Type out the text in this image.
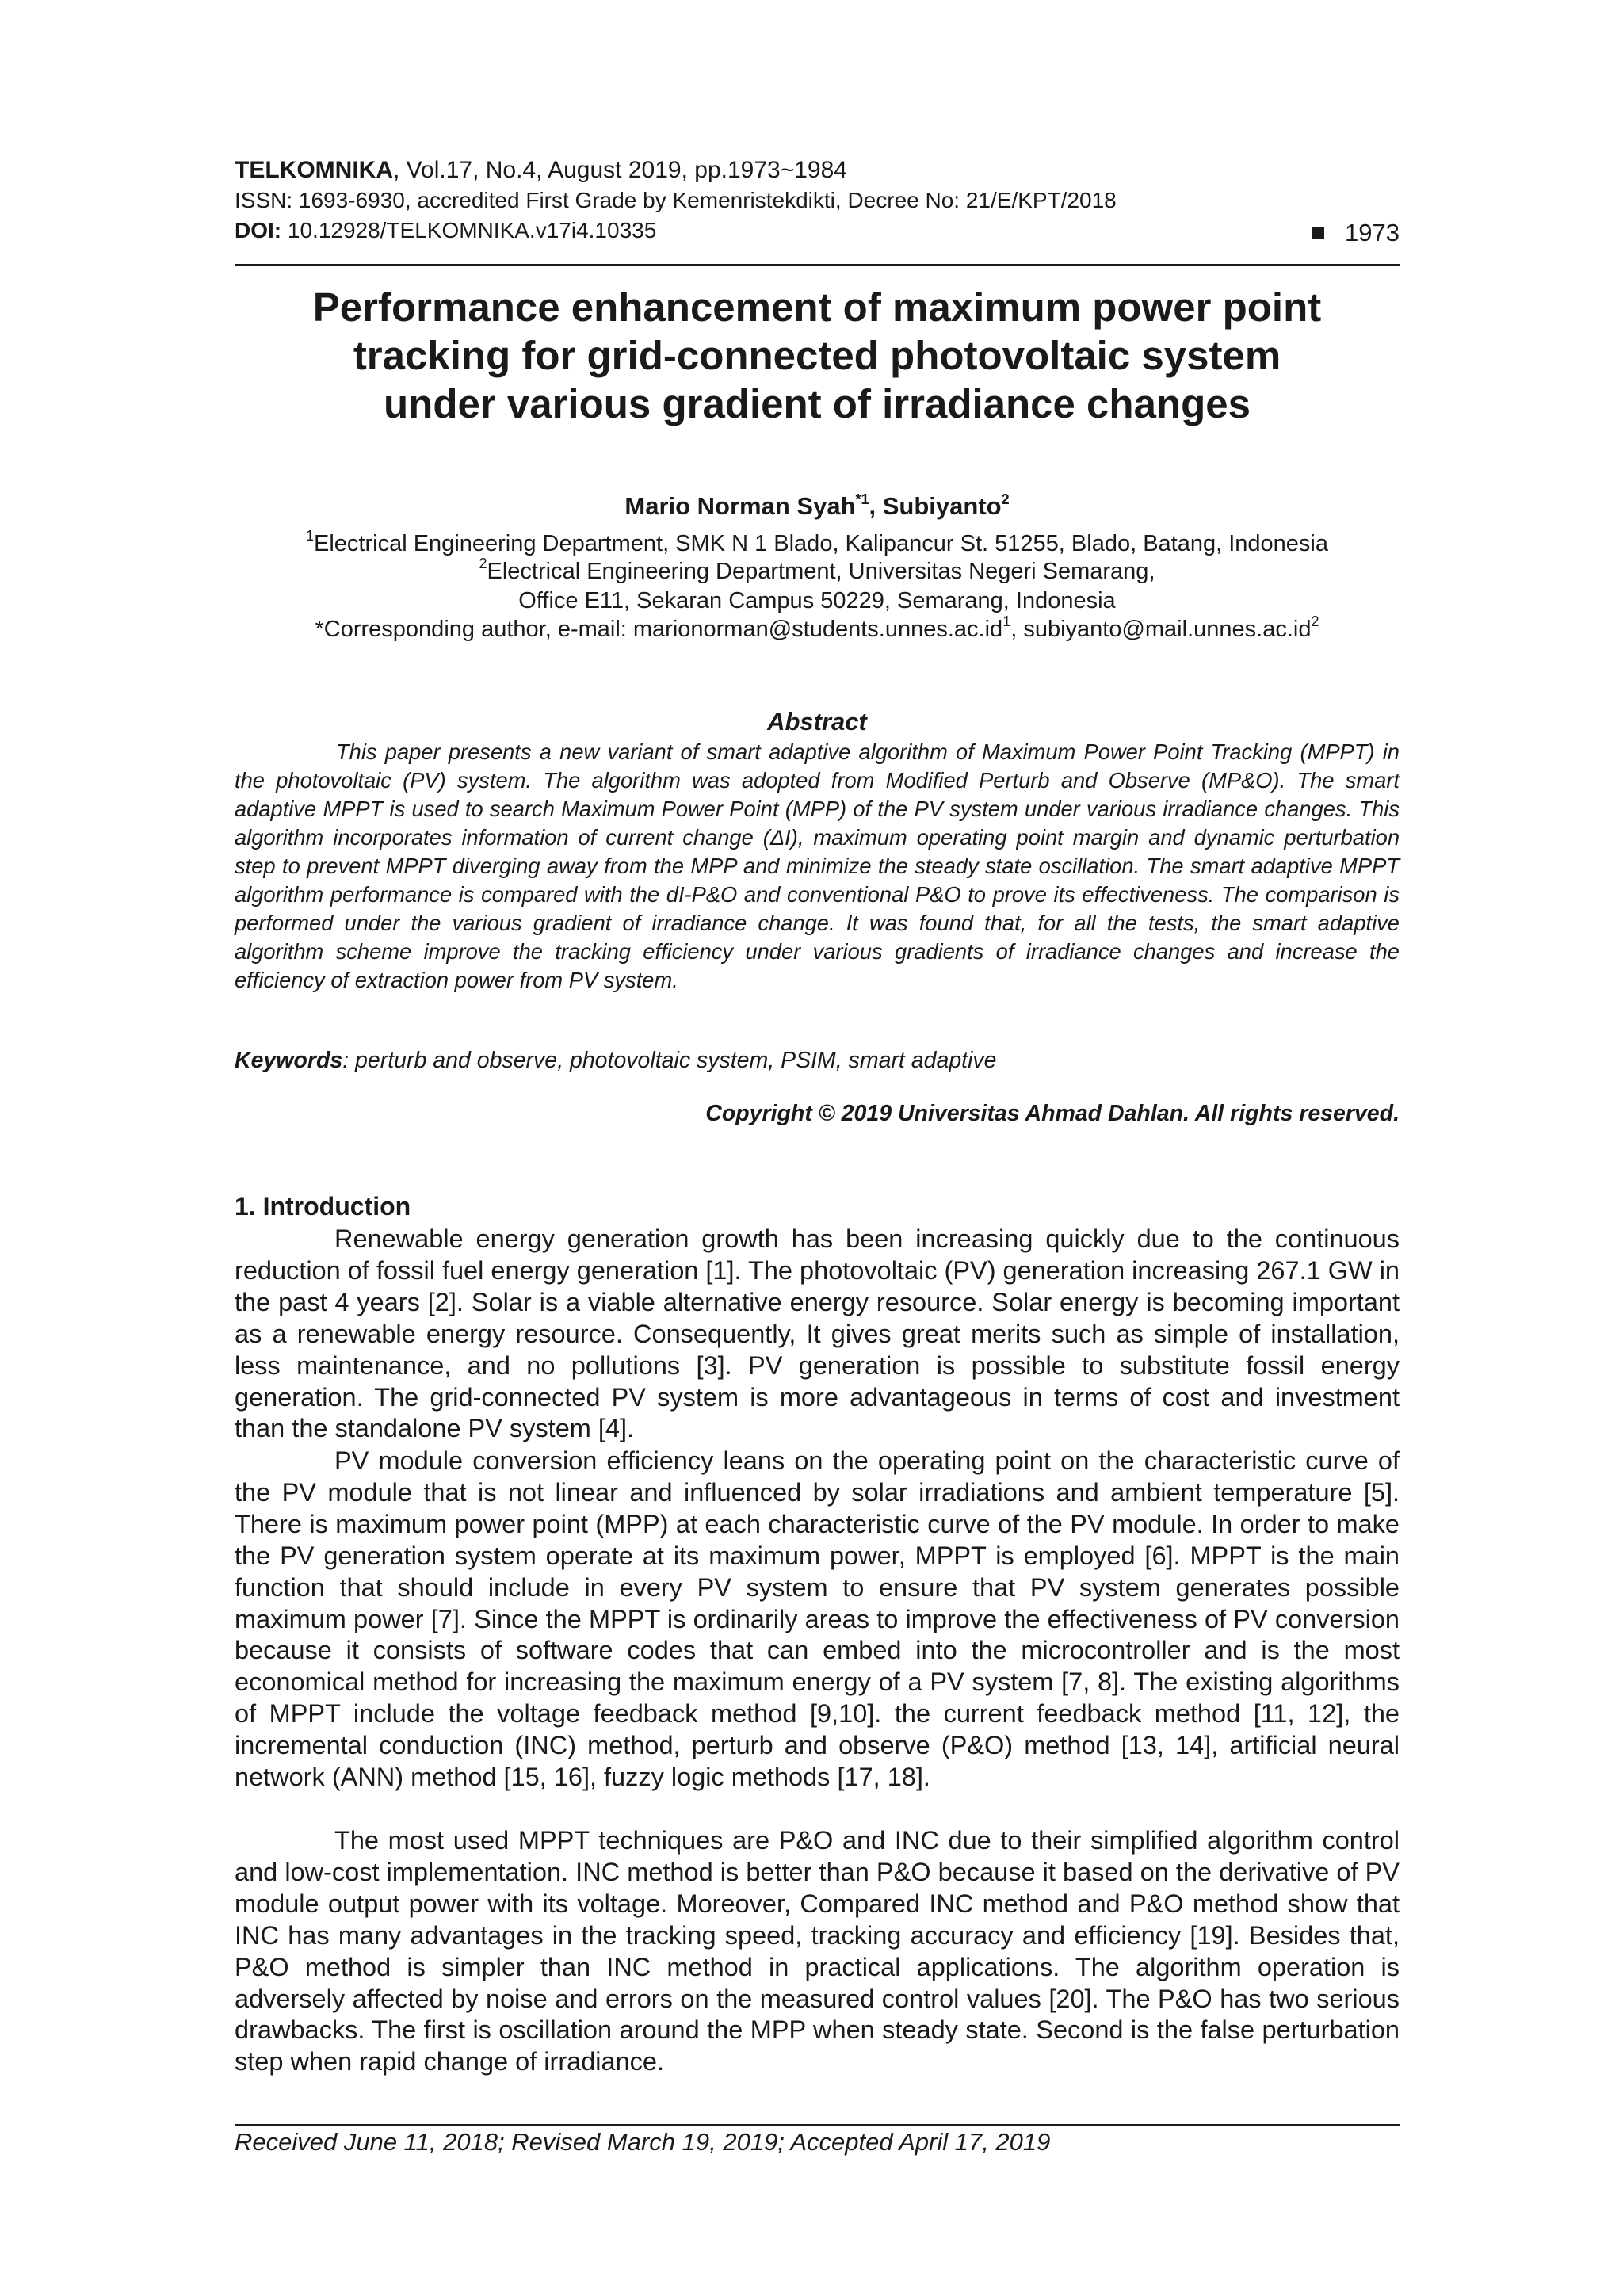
TELKOMNIKA, Vol.17, No.4, August 2019, pp.1973~1984
ISSN: 1693-6930, accredited First Grade by Kemenristekdikti, Decree No: 21/E/KPT/2018
DOI: 10.12928/TELKOMNIKA.v17i4.10335	1973
Performance enhancement of maximum power point
tracking for grid-connected photovoltaic system
under various gradient of irradiance changes
Mario Norman Syah$^{*1}$, Subiyanto$^2$
$^1$Electrical Engineering Department, SMK N 1 Blado, Kalipancur St. 51255, Blado, Batang, Indonesia
$^2$Electrical Engineering Department, Universitas Negeri Semarang,
Office E11, Sekaran Campus 50229, Semarang, Indonesia
*Corresponding author, e-mail: $marionorman@students.unnes.ac.id^1$, $subiyanto@mail.unnes.ac.id^2$
Abstract

This paper presents a new variant of smart adaptive algorithm of Maximum Power Point Tracking (MPPT) in the photovoltaic (PV) system. The algorithm was adopted from Modified Perturb and Observe (MP&O). The smart adaptive MPPT is used to search Maximum Power Point (MPP) of the PV system under various irradiance changes. This algorithm incorporates information of current change (ΔI), maximum operating point margin and dynamic perturbation step to prevent MPPT diverging away from the MPP and minimize the steady state oscillation. The smart adaptive MPPT algorithm performance is compared with the dI-P&O and conventional P&O to prove its effectiveness. The comparison is performed under the various gradient of irradiance change. It was found that, for all the tests, the smart adaptive algorithm scheme improve the tracking efficiency under various gradients of irradiance changes and increase the efficiency of extraction power from PV system.

Keywords: perturb and observe, photovoltaic system, PSIM, smart adaptive
Copyright © 2019 Universitas Ahmad Dahlan. All rights reserved.
1. Introduction

Renewable energy generation growth has been increasing quickly due to the continuous reduction of fossil fuel energy generation [1]. The photovoltaic (PV) generation increasing 267.1 GW in the past 4 years [2]. Solar is a viable alternative energy resource. Solar energy is becoming important as a renewable energy resource. Consequently, It gives great merits such as simple of installation, less maintenance, and no pollutions [3]. PV generation is possible to substitute fossil energy generation. The grid-connected PV system is more advantageous in terms of cost and investment than the standalone PV system [4].

PV module conversion efficiency leans on the operating point on the characteristic curve of the PV module that is not linear and influenced by solar irradiations and ambient temperature [5]. There is maximum power point (MPP) at each characteristic curve of the PV module. In order to make the PV generation system operate at its maximum power, MPPT is employed [6]. MPPT is the main function that should include in every PV system to ensure that PV system generates possible maximum power [7]. Since the MPPT is ordinarily areas to improve the effectiveness of PV conversion because it consists of software codes that can embed into the microcontroller and is the most economical method for increasing the maximum energy of a PV system [7, 8]. The existing algorithms of MPPT include the voltage feedback method [9,10]. the current feedback method [11, 12], the incremental conduction (INC) method, perturb and observe (P&O) method [13, 14], artificial neural network (ANN) method [15, 16], fuzzy logic methods [17, 18].

The most used MPPT techniques are P&O and INC due to their simplified algorithm control and low-cost implementation. INC method is better than P&O because it based on the derivative of PV module output power with its voltage. Moreover, Compared INC method and P&O method show that INC has many advantages in the tracking speed, tracking accuracy and efficiency [19]. Besides that, P&O method is simpler than INC method in practical applications. The algorithm operation is adversely affected by noise and errors on the measured control values [20]. The P&O has two serious drawbacks. The first is oscillation around the MPP when steady state. Second is the false perturbation step when rapid change of irradiance.

Received June 11, 2018; Revised March 19, 2019; Accepted April 17, 2019
